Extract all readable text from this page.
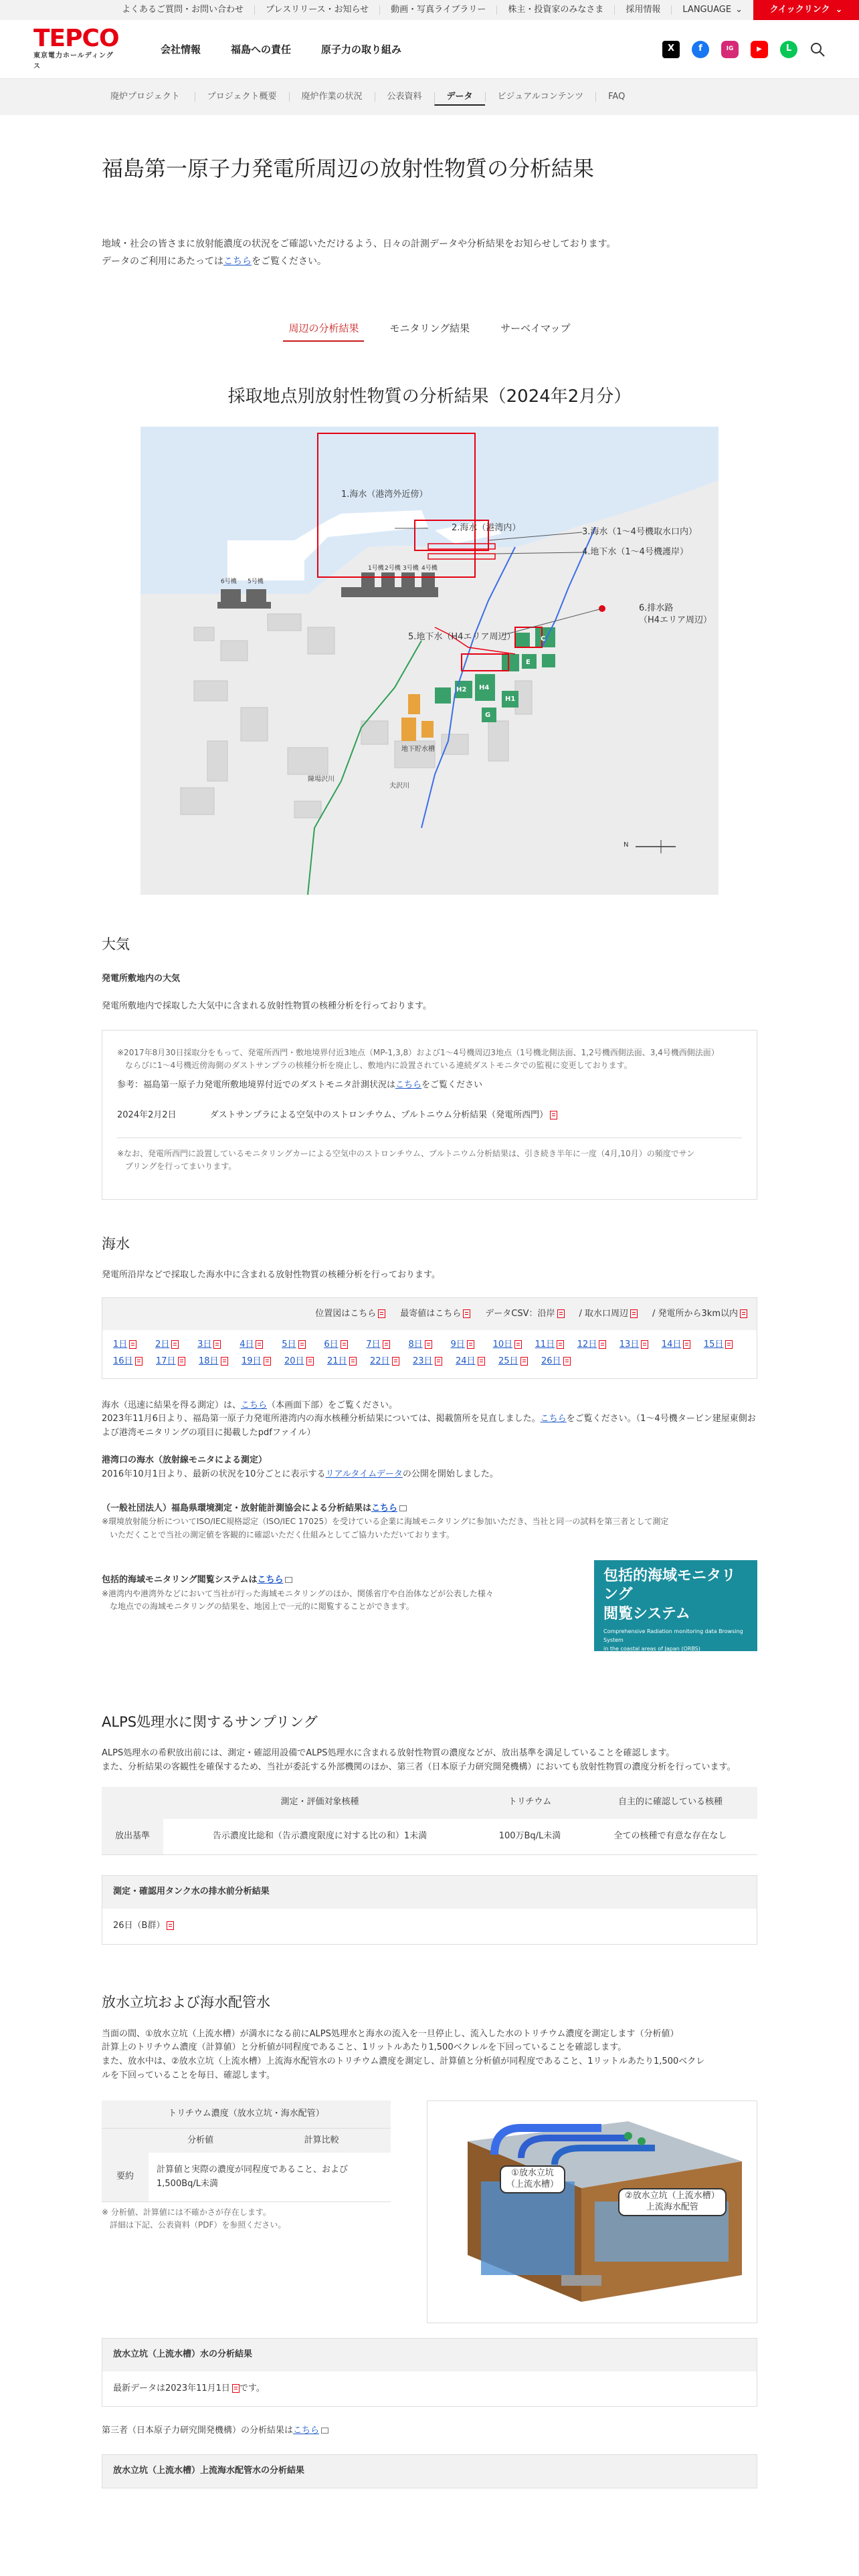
よくあるご質問・お問い合わせ	プレスリリース・お知らせ	動画・写真ライブラリー	株主・投資家のみなさま	採用情報	LANGUAGE ⌄	クイックリンク ⌄
TEPCO
東京電力ホールディングス
会社情報	福島への責任	原子力の取り組み	X	f	IG	▶	L
廃炉プロジェクト	プロジェクト概要	廃炉作業の状況	公表資料	データ	ビジュアルコンテンツ	FAQ
福島第一原子力発電所周辺の放射性物質の分析結果
地域・社会の皆さまに放射能濃度の状況をご確認いただけるよう、日々の計測データや分析結果をお知らせしております。
データのご利用にあたってはこちらをご覧ください。
周辺の分析結果	モニタリング結果	サーベイマップ
採取地点別放射性物質の分析結果（2024年2月分）
1.海水（港湾外近傍）
2.海水（港湾内）	3.海水（1～4号機取水口内）
4.地下水（1～4号機護岸）
5.地下水（H4エリア周辺）
6.排水路
（H4エリア周辺）
6号機 5号機
1号機 2号機 3号機 4号機
H4
H2
H1
C
E
G
地下貯水槽
夫沢川
陳場沢川
N
大気
発電所敷地内の大気
発電所敷地内で採取した大気中に含まれる放射性物質の核種分析を行っております。
※2017年8月30日採取分をもって、発電所西門・敷地境界付近3地点（MP-1,3,8）および1～4号機周辺3地点（1号機北側法面、1,2号機西側法面、3,4号機西側法面）
　ならびに1～4号機近傍海側のダストサンプラの核種分析を廃止し、敷地内に設置されている連続ダストモニタでの監視に変更しております。
参考：福島第一原子力発電所敷地境界付近でのダストモニタ計測状況はこちらをご覧ください
2024年2月2日	ダストサンプラによる空気中のストロンチウム、プルトニウム分析結果（発電所西門）
※なお、発電所西門に設置しているモニタリングカーによる空気中のストロンチウム、プルトニウム分析結果は、引き続き半年に一度（4月,10月）の頻度でサン
　プリングを行ってまいります。
海水
発電所沿岸などで採取した海水中に含まれる放射性物質の核種分析を行っております。
位置図はこちら	最寄値はこちら	データCSV：沿岸	/ 取水口周辺	/ 発電所から3km以内
1日	2日	3日	4日	5日	6日	7日	8日	9日	10日	11日	12日	13日	14日	15日
16日	17日	18日	19日	20日	21日	22日	23日	24日	25日	26日
海水（迅速に結果を得る測定）は、こちら（本画面下部）をご覧ください。
2023年11月6日より、福島第一原子力発電所港湾内の海水核種分析結果については、掲載箇所を見直しました。こちらをご覧ください。（1～4号機タービン建屋東側および港湾モニタリングの項目に掲載したpdfファイル）
港湾口の海水（放射線モニタによる測定）
2016年10月1日より、最新の状況を10分ごとに表示するリアルタイムデータの公開を開始しました。
（一般社団法人）福島県環境測定・放射能計測協会による分析結果はこちら
※環境放射能分析についてISO/IEC規格認定（ISO/IEC 17025）を受けている企業に海域モニタリングに参加いただき、当社と同一の試料を第三者として測定
　いただくことで当社の測定値を客観的に確認いただく仕組みとしてご協力いただいております。
包括的海域モニタリング閲覧システムはこちら
※港湾内や港湾外などにおいて当社が行った海域モニタリングのほか、関係省庁や自治体などが公表した様々
　な地点での海域モニタリングの結果を、地図上で一元的に閲覧することができます。
包括的海域モニタリング
閲覧システム
Comprehensive Radiation monitoring data Browsing System
in the coastal areas of Japan (ORBS)
ALPS処理水に関するサンプリング
ALPS処理水の希釈放出前には、測定・確認用設備でALPS処理水に含まれる放射性物質の濃度などが、放出基準を満足していることを確認します。
また、分析結果の客観性を確保するため、当社が委託する外部機関のほか、第三者（日本原子力研究開発機構）においても放射性物質の濃度分析を行っています。
	測定・評価対象核種	トリチウム	自主的に確認している核種
放出基準	告示濃度比総和（告示濃度限度に対する比の和）1未満	100万Bq/L未満	全ての核種で有意な存在なし
測定・確認用タンク水の排水前分析結果
26日（B群）
放水立坑および海水配管水
当面の間、①放水立坑（上流水槽）が満水になる前にALPS処理水と海水の流入を一旦停止し、流入した水のトリチウム濃度を測定します（分析値）
計算上のトリチウム濃度（計算値）と分析値が同程度であること、1リットルあたり1,500ベクレルを下回っていることを確認します。
また、放水中は、②放水立坑（上流水槽）上流海水配管水のトリチウム濃度を測定し、計算値と分析値が同程度であること、1リットルあたり1,500ベクレ
ルを下回っていることを毎日、確認します。
トリチウム濃度（放水立坑・海水配管）		
	分析値	計算比較
要約	計算値と実際の濃度が同程度であること、および1,500Bq/L未満	
※ 分析値、計算値には不確かさが存在します。
　詳細は下記、公表資料（PDF）を参照ください。
①放水立坑
（上流水槽）
②放水立坑（上流水槽）
上流海水配管
放水立坑（上流水槽）水の分析結果
最新データは2023年11月1日 です。
第三者（日本原子力研究開発機構）の分析結果はこちら
放水立坑（上流水槽）上流海水配管水の分析結果
